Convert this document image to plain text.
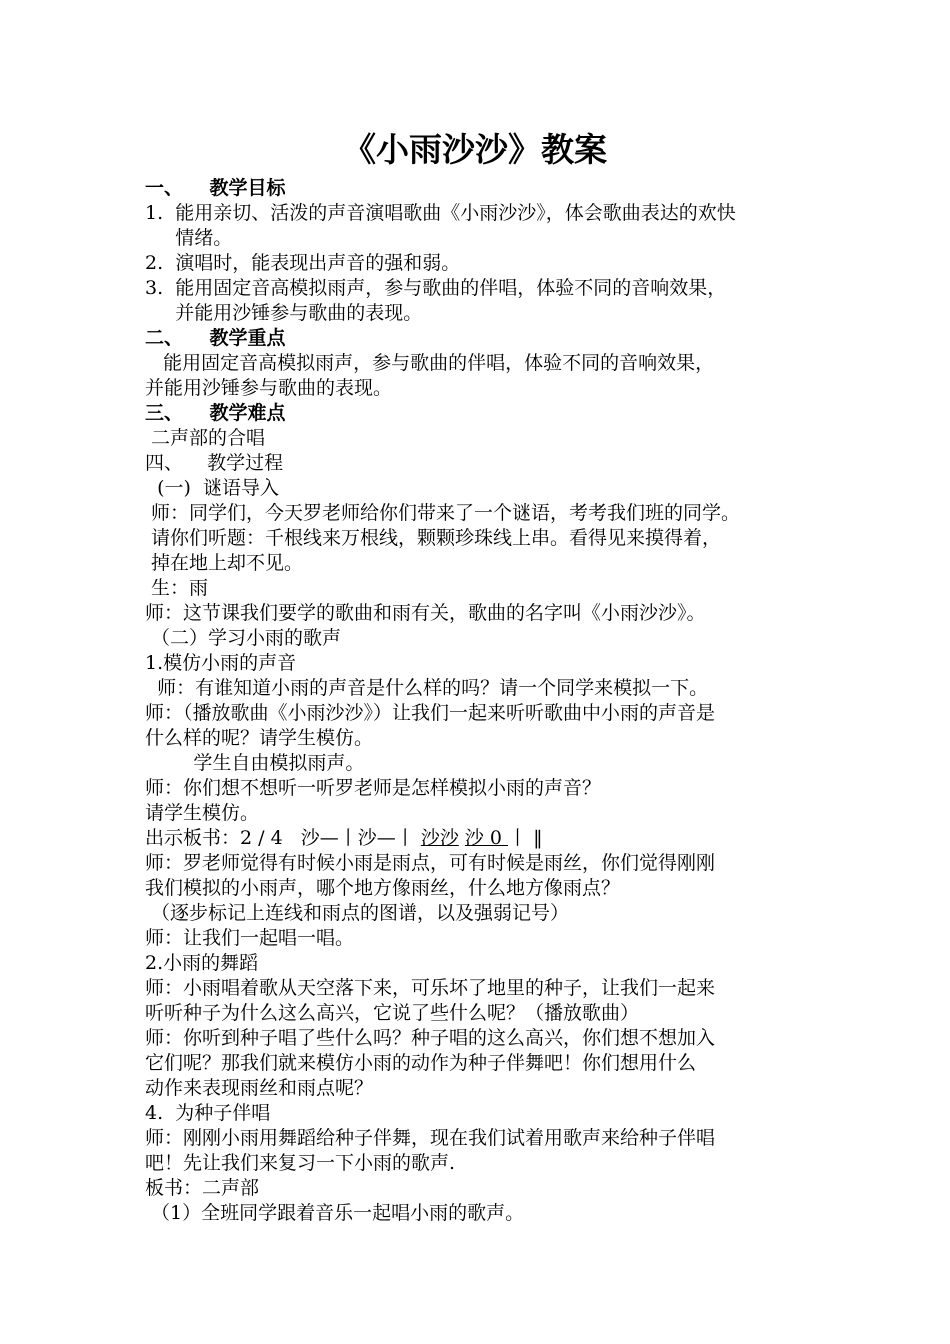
《小雨沙沙》教案
一、    教学目标
1.  能用亲切、活泼的声音演唱歌曲《小雨沙沙》，体会歌曲表达的欢快
情绪。
2.  演唱时，能表现出声音的强和弱。
3.  能用固定音高模拟雨声，参与歌曲的伴唱，体验不同的音响效果，
并能用沙锤参与歌曲的表现。
二、    教学重点
能用固定音高模拟雨声，参与歌曲的伴唱，体验不同的音响效果，
并能用沙锤参与歌曲的表现。
三、    教学难点
二声部的合唱
四、    教学过程
(一)  谜语导入
师：同学们，今天罗老师给你们带来了一个谜语，考考我们班的同学。
请你们听题：千根线来万根线，颗颗珍珠线上串。看得见来摸得着，
掉在地上却不见。
生：雨
师：这节课我们要学的歌曲和雨有关，歌曲的名字叫《小雨沙沙》。
（二）学习小雨的歌声
1.模仿小雨的声音
师：有谁知道小雨的声音是什么样的吗？请一个同学来模拟一下。
师：（播放歌曲《小雨沙沙》）让我们一起来听听歌曲中小雨的声音是
什么样的呢？请学生模仿。
学生自由模拟雨声。
师：你们想不想听一听罗老师是怎样模拟小雨的声音？
请学生模仿。
出示板书：2 / 4   沙—丨沙—丨 沙沙 沙 0 丨 ‖
师：罗老师觉得有时候小雨是雨点，可有时候是雨丝，你们觉得刚刚
我们模拟的小雨声，哪个地方像雨丝，什么地方像雨点？
（逐步标记上连线和雨点的图谱，以及强弱记号）
师：让我们一起唱一唱。
2.小雨的舞蹈
师：小雨唱着歌从天空落下来，可乐坏了地里的种子，让我们一起来
听听种子为什么这么高兴，它说了些什么呢？（播放歌曲）
师：你听到种子唱了些什么吗？种子唱的这么高兴，你们想不想加入
它们呢？那我们就来模仿小雨的动作为种子伴舞吧！你们想用什么
动作来表现雨丝和雨点呢？
4.  为种子伴唱
师：刚刚小雨用舞蹈给种子伴舞，现在我们试着用歌声来给种子伴唱
吧！先让我们来复习一下小雨的歌声.
板书：二声部
（1）全班同学跟着音乐一起唱小雨的歌声。
